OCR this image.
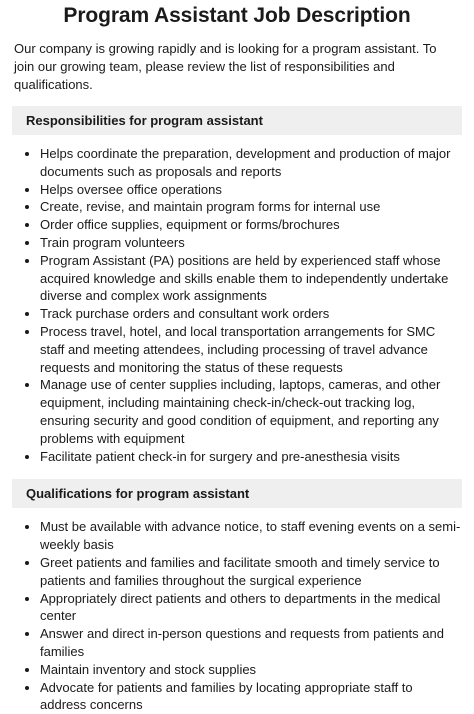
Program Assistant Job Description

Our company is growing rapidly and is looking for a program assistant. To join our growing team, please review the list of responsibilities and qualifications.

Responsibilities for program assistant
• Helps coordinate the preparation, development and production of major documents such as proposals and reports
• Helps oversee office operations
• Create, revise, and maintain program forms for internal use
• Order office supplies, equipment or forms/brochures
• Train program volunteers
• Program Assistant (PA) positions are held by experienced staff whose acquired knowledge and skills enable them to independently undertake diverse and complex work assignments
• Track purchase orders and consultant work orders
• Process travel, hotel, and local transportation arrangements for SMC staff and meeting attendees, including processing of travel advance requests and monitoring the status of these requests
• Manage use of center supplies including, laptops, cameras, and other equipment, including maintaining check-in/check-out tracking log, ensuring security and good condition of equipment, and reporting any problems with equipment
• Facilitate patient check-in for surgery and pre-anesthesia visits
Qualifications for program assistant
• Must be available with advance notice, to staff evening events on a semi-weekly basis
• Greet patients and families and facilitate smooth and timely service to patients and families throughout the surgical experience
• Appropriately direct patients and others to departments in the medical center
• Answer and direct in-person questions and requests from patients and families
• Maintain inventory and stock supplies
• Advocate for patients and families by locating appropriate staff to address concerns
